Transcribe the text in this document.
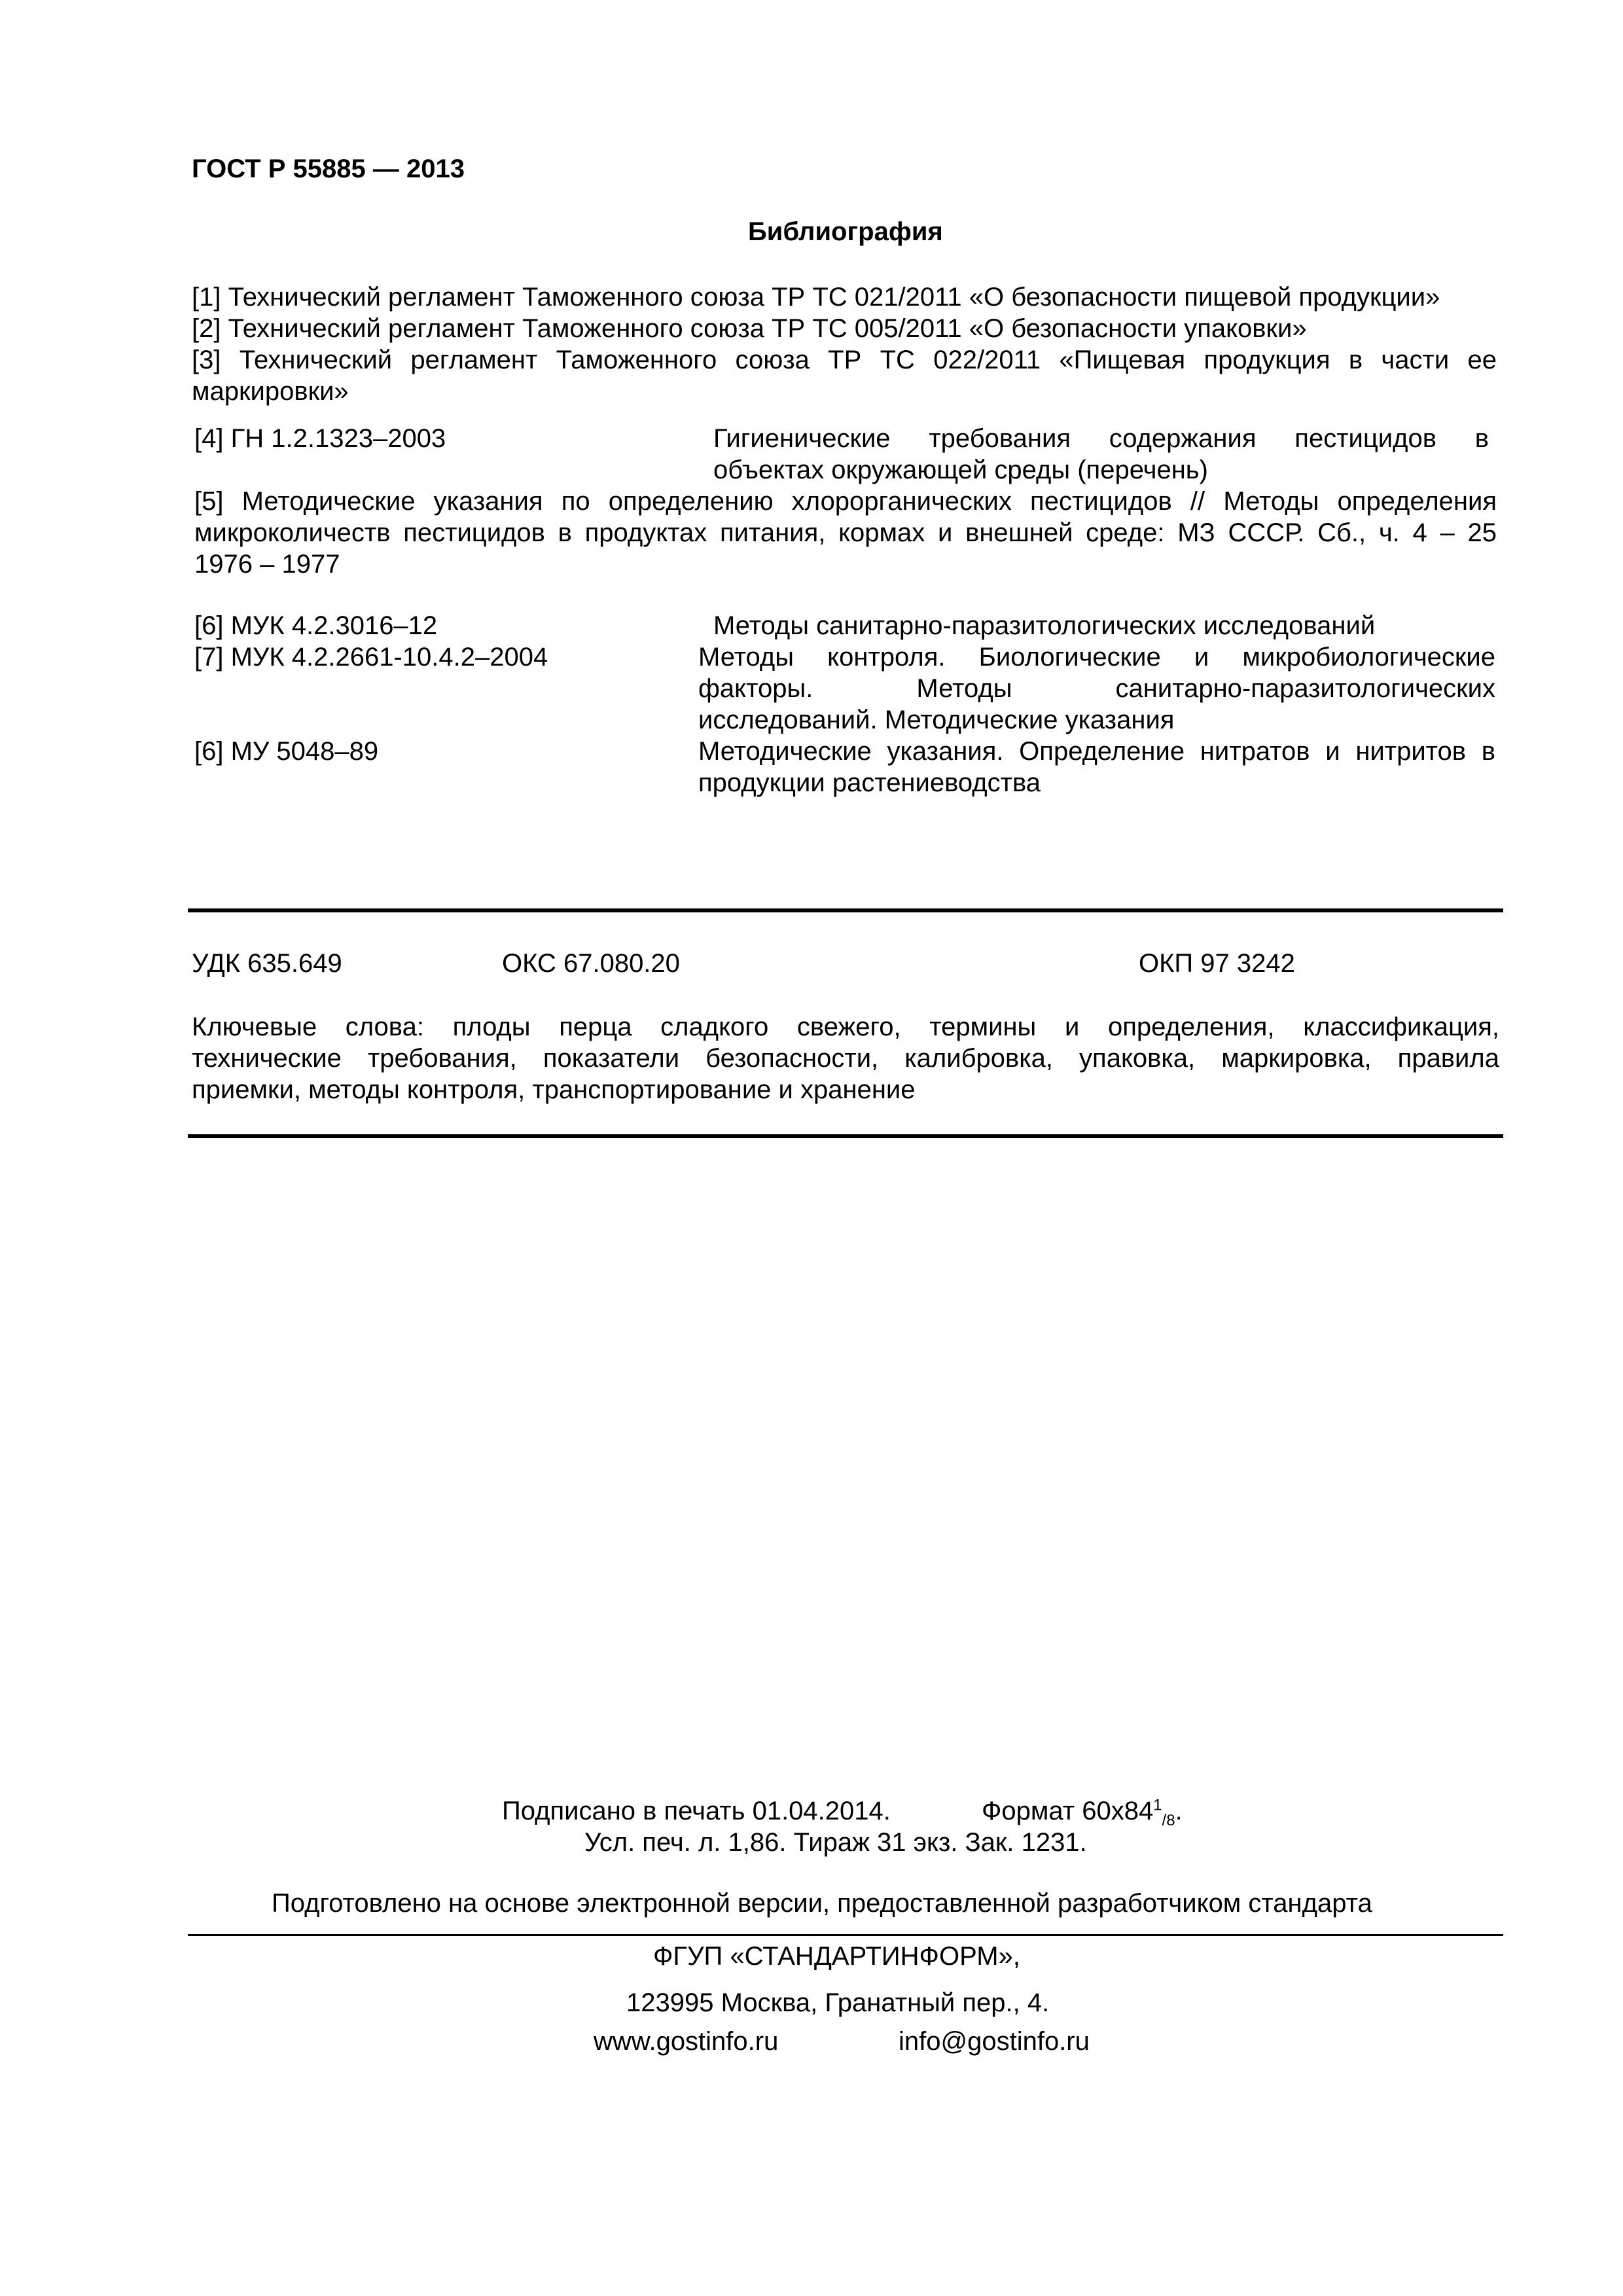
ГОСТ Р 55885 — 2013
Библиография
[1] Технический регламент Таможенного союза ТР ТС 021/2011 «О безопасности пищевой продукции»
[2] Технический регламент Таможенного союза ТР ТС 005/2011 «О безопасности упаковки»
[3] Технический регламент Таможенного союза ТР ТС 022/2011 «Пищевая продукция в части ее
маркировки»
[4] ГН 1.2.1323–2003	Гигиенические требования содержания пестицидов в
объектах окружающей среды (перечень)
[5] Методические указания по определению хлорорганических пестицидов // Методы определения
микроколичеств пестицидов в продуктах питания, кормах и внешней среде: МЗ СССР. Сб., ч. 4 – 25
1976 – 1977
[6] МУК 4.2.3016–12	Методы санитарно-паразитологических исследований
[7] МУК 4.2.2661-10.4.2–2004	Методы контроля. Биологические и микробиологические
факторы. Методы санитарно-паразитологических
исследований. Методические указания
[6] МУ 5048–89	Методические указания. Определение нитратов и нитритов в
продукции растениеводства
УДК 635.649	ОКС 67.080.20	ОКП 97 3242
Ключевые слова: плоды перца сладкого свежего, термины и определения, классификация,
технические требования, показатели безопасности, калибровка, упаковка, маркировка, правила
приемки, методы контроля, транспортирование и хранение
Подписано в печать 01.04.2014.	Формат $60x84^1_{/8}$.
Усл. печ. л. 1,86. Тираж 31 экз. Зак. 1231.
Подготовлено на основе электронной версии, предоставленной разработчиком стандарта
ФГУП «СТАНДАРТИНФОРМ»,
123995 Москва, Гранатный пер., 4.
www.gostinfo.ru	info@gostinfo.ru
